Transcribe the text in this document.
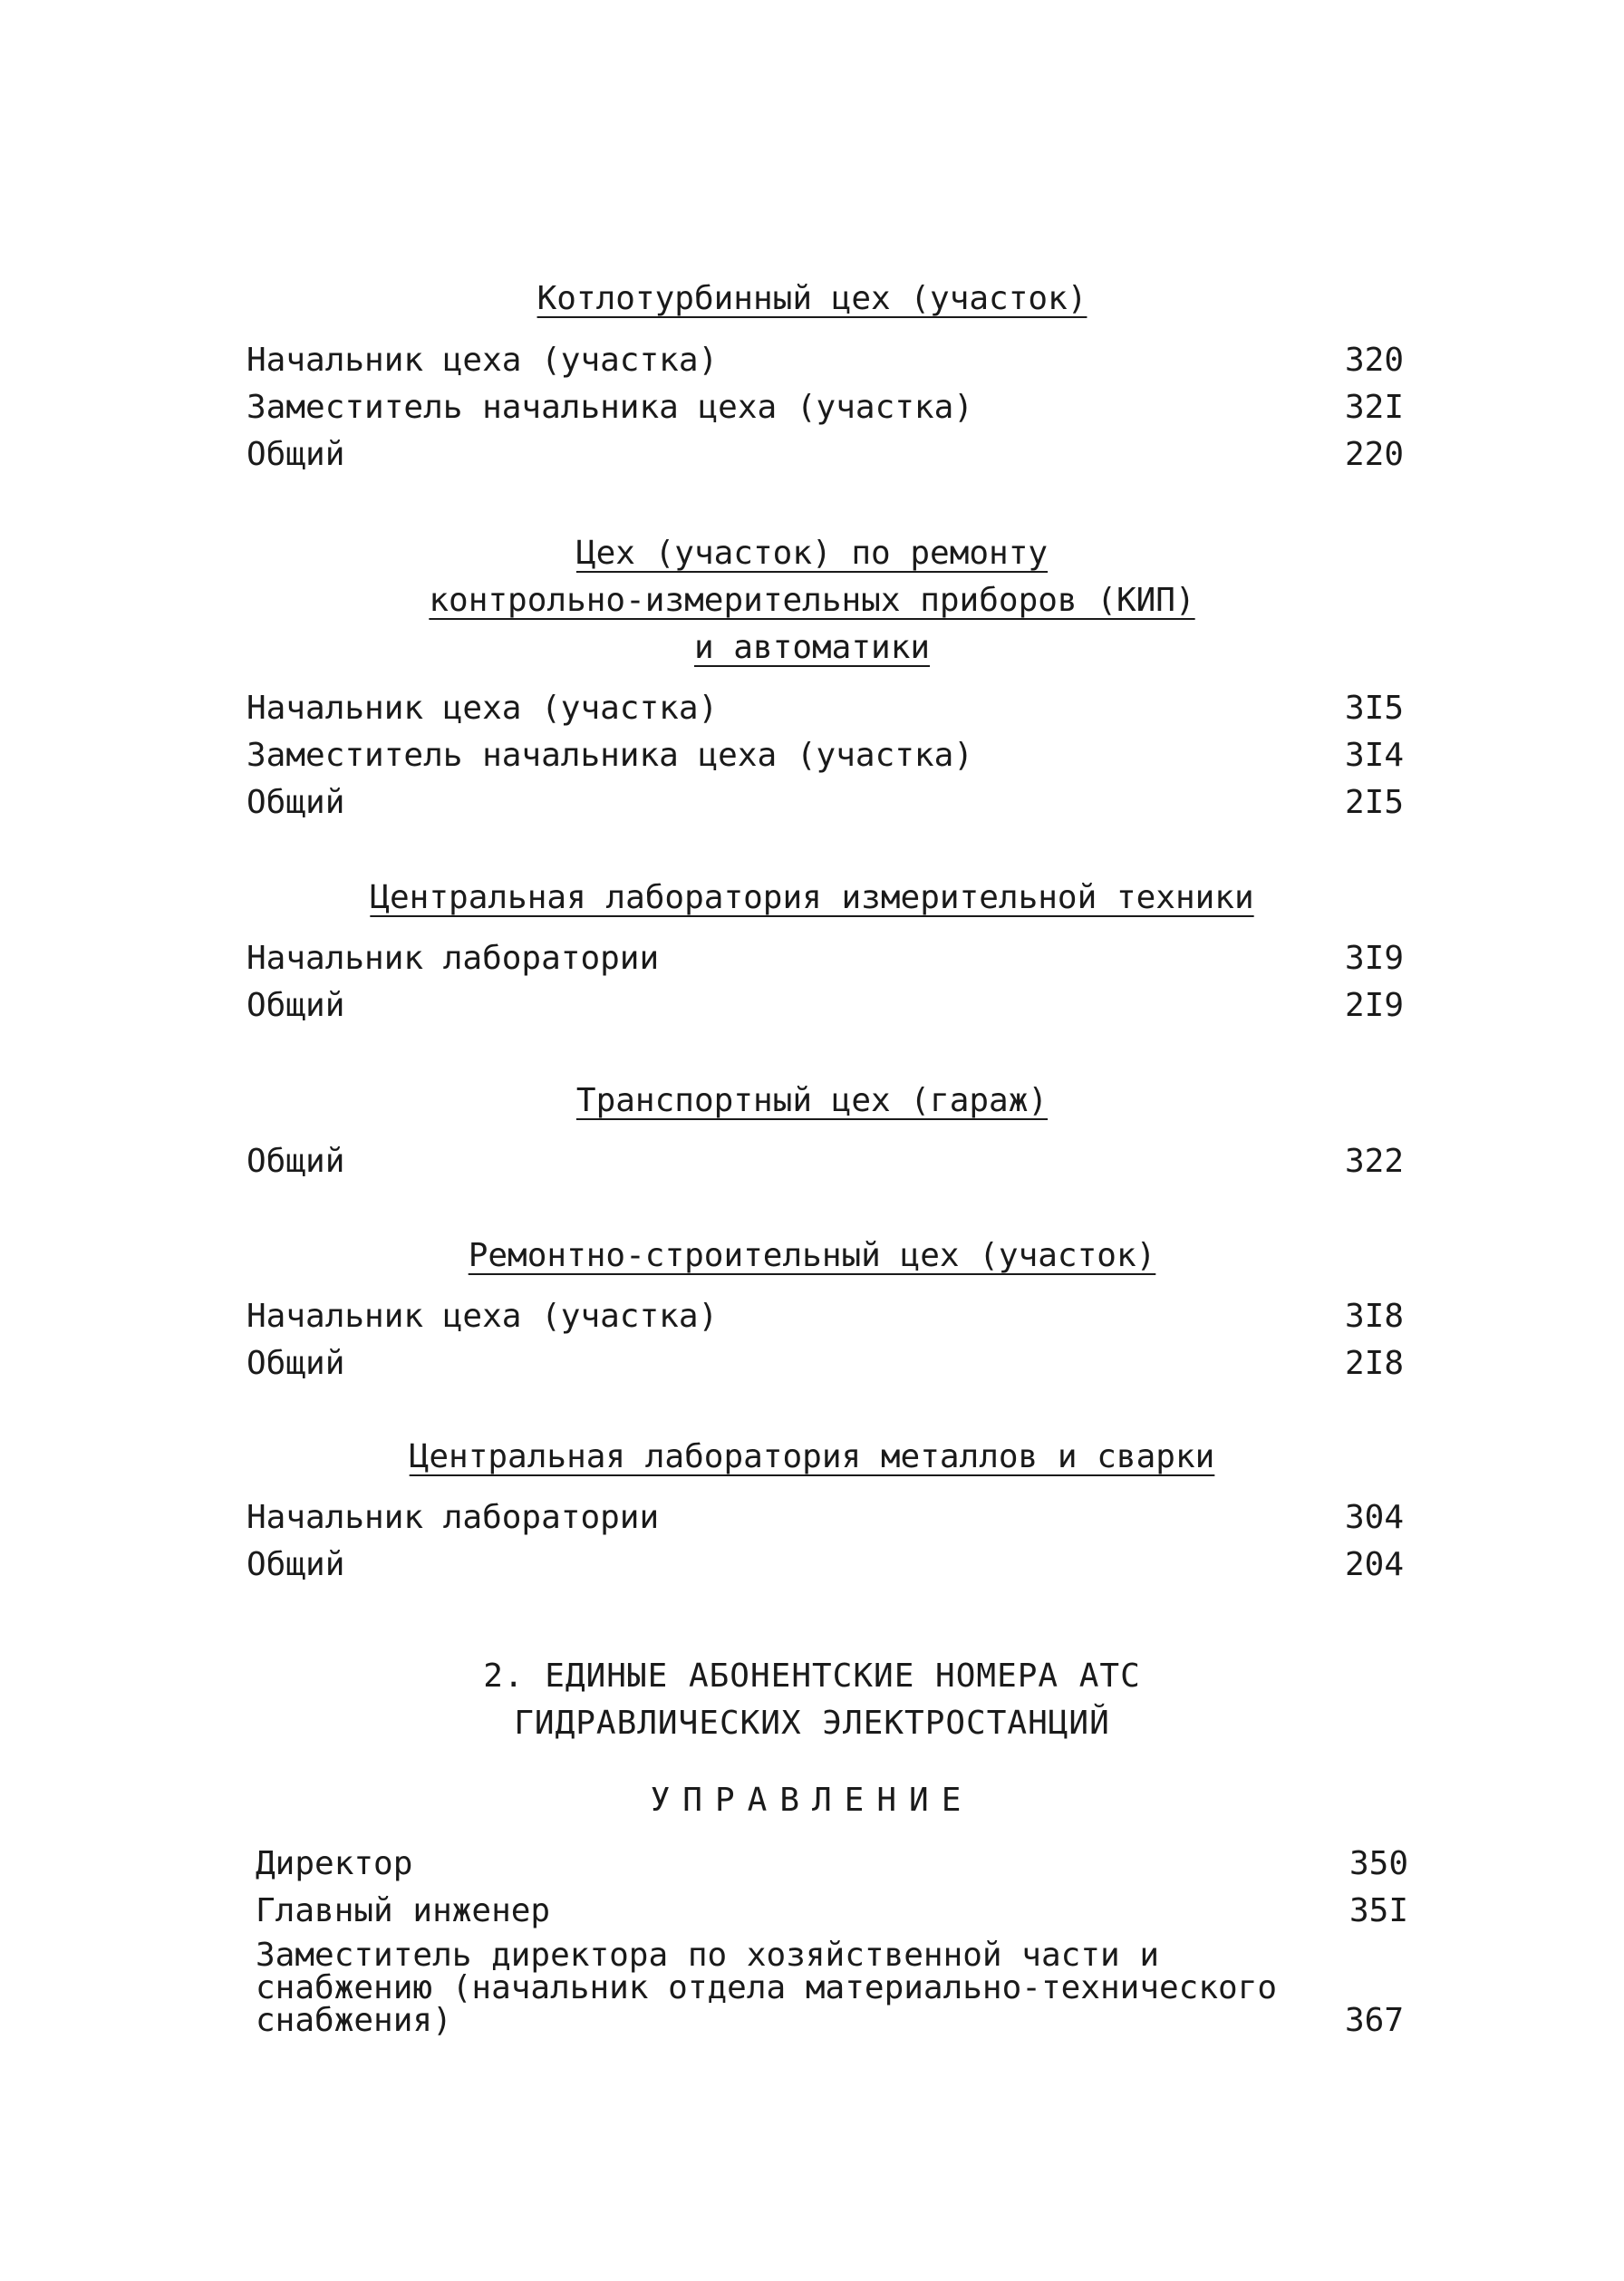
Котлотурбинный цех (участок)
Начальник цеха (участка)	320
Заместитель начальника цеха (участка)	32I
Общий	220
Цех (участок) по ремонту
контрольно-измерительных приборов (КИП)
и автоматики
Начальник цеха (участка)	3I5
Заместитель начальника цеха (участка)	3I4
Общий	2I5
Центральная лаборатория измерительной техники
Начальник лаборатории	3I9
Общий	2I9
Транспортный цех (гараж)
Общий	322
Ремонтно-строительный цех (участок)
Начальник цеха (участка)	3I8
Общий	2I8
Центральная лаборатория металлов и сварки
Начальник лаборатории	304
Общий	204
2. ЕДИНЫЕ АБОНЕНТСКИЕ НОМЕРА АТС
ГИДРАВЛИЧЕСКИХ ЭЛЕКТРОСТАНЦИЙ
УПРАВЛЕНИЕ
Директор	350
Главный инженер	35I
Заместитель директора по хозяйственной части и
снабжению (начальник отдела материально-технического
снабжения)	367
